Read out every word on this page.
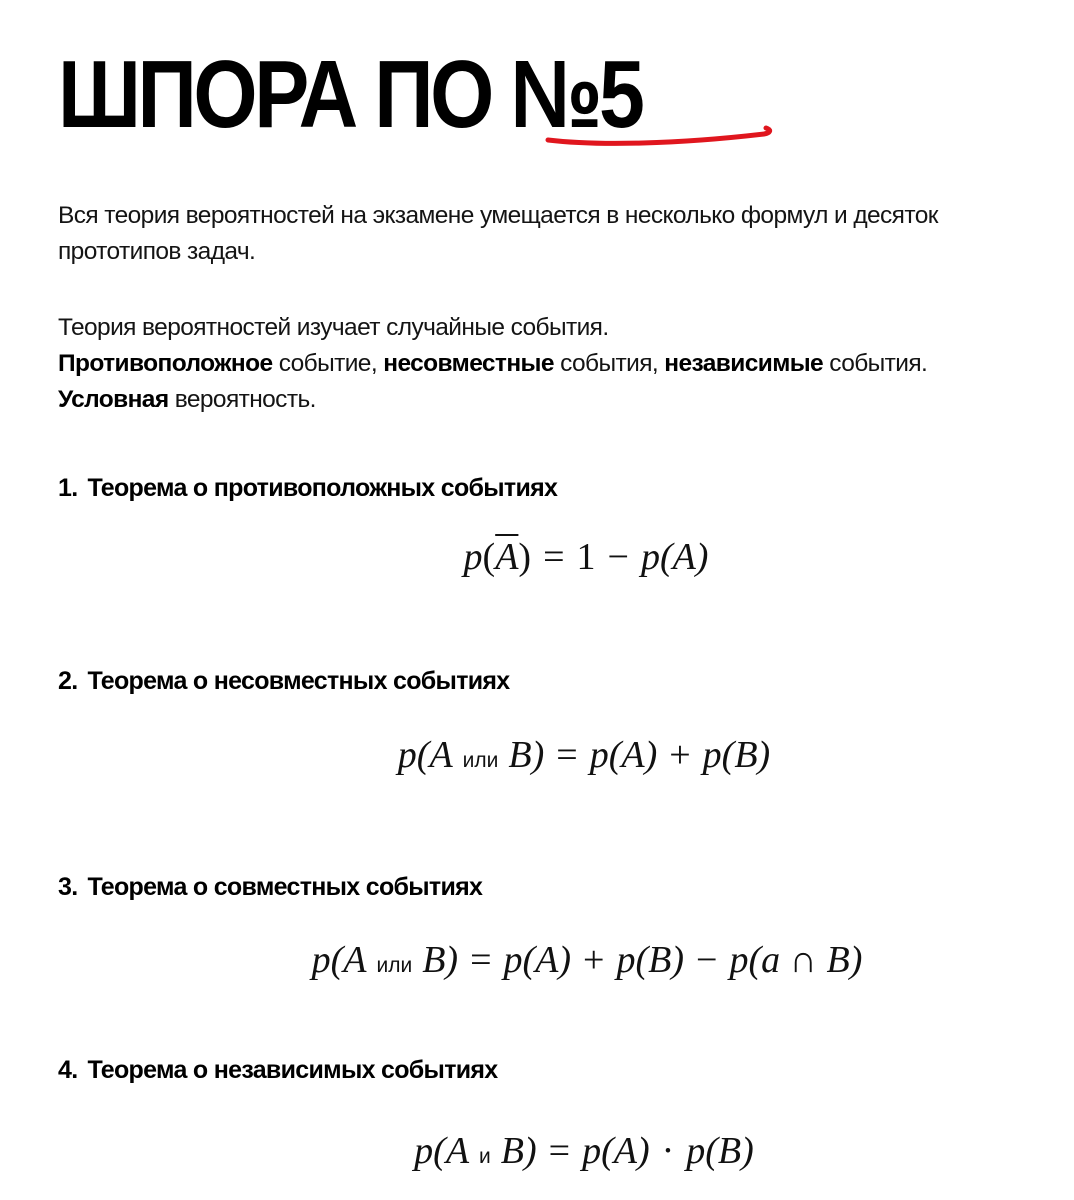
ШПОРА ПО №5
Вся теория вероятностей на экзамене умещается в несколько формул и десяток прототипов задач.
Теория вероятностей изучает случайные события.
Противоположное событие, несовместные события, независимые события.
Условная вероятность.
1. Теорема о противоположных событиях
$p(\overline{A}) = 1 - p(A)$
2. Теорема о несовместных событиях
p(A или B) = p(A) + p(B)
3. Теорема о совместных событиях
p(A или B) = p(A) + p(B) − p(a ∩ B)
4. Теорема о независимых событиях
p(A и B) = p(A) · p(B)
